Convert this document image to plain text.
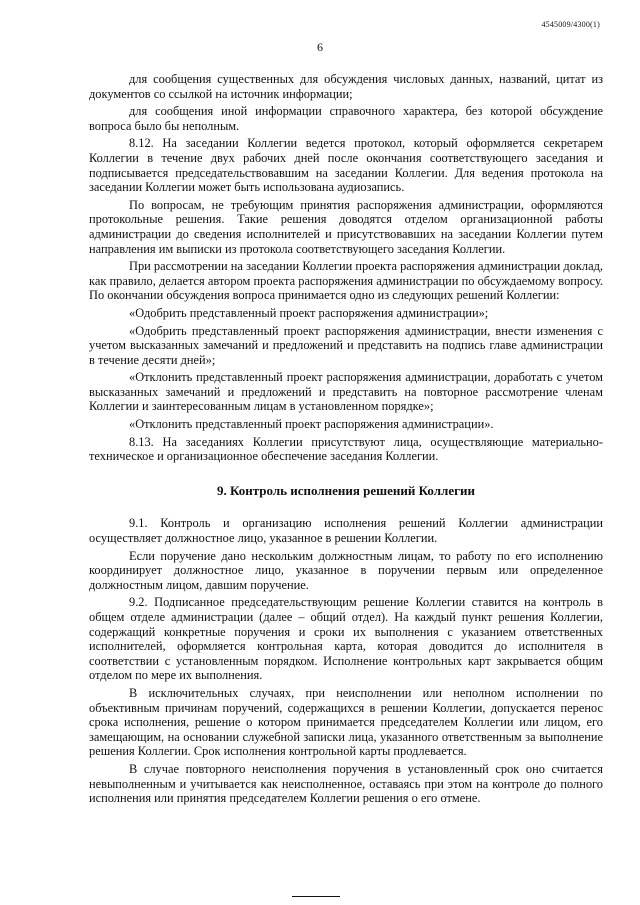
4545009/4300(1)
6

для сообщения существенных для обсуждения числовых данных, названий, цитат из документов со ссылкой на источник информации;

для сообщения иной информации справочного характера, без которой обсуждение вопроса было бы неполным.

8.12. На заседании Коллегии ведется протокол, который оформляется секретарем Коллегии в течение двух рабочих дней после окончания соответствующего заседания и подписывается председательствовавшим на заседании Коллегии. Для ведения протокола на заседании Коллегии может быть использована аудиозапись.

По вопросам, не требующим принятия распоряжения администрации, оформляются протокольные решения. Такие решения доводятся отделом организационной работы администрации до сведения исполнителей и присутствовавших на заседании Коллегии путем направления им выписки из протокола соответствующего заседания Коллегии.

При рассмотрении на заседании Коллегии проекта распоряжения администрации доклад, как правило, делается автором проекта распоряжения администрации по обсуждаемому вопросу. По окончании обсуждения вопроса принимается одно из следующих решений Коллегии:

«Одобрить представленный проект распоряжения администрации»;

«Одобрить представленный проект распоряжения администрации, внести изменения с учетом высказанных замечаний и предложений и представить на подпись главе администрации в течение десяти дней»;

«Отклонить представленный проект распоряжения администрации, доработать с учетом высказанных замечаний и предложений и представить на повторное рассмотрение членам Коллегии и заинтересованным лицам в установленном порядке»;

«Отклонить представленный проект распоряжения администрации».

8.13. На заседаниях Коллегии присутствуют лица, осуществляющие материально-техническое и организационное обеспечение заседания Коллегии.

9. Контроль исполнения решений Коллегии

9.1. Контроль и организацию исполнения решений Коллегии администрации осуществляет должностное лицо, указанное в решении Коллегии.

Если поручение дано нескольким должностным лицам, то работу по его исполнению координирует должностное лицо, указанное в поручении первым или определенное должностным лицом, давшим поручение.

9.2. Подписанное председательствующим решение Коллегии ставится на контроль в общем отделе администрации (далее – общий отдел). На каждый пункт решения Коллегии, содержащий конкретные поручения и сроки их выполнения с указанием ответственных исполнителей, оформляется контрольная карта, которая доводится до исполнителя в соответствии с установленным порядком. Исполнение контрольных карт закрывается общим отделом по мере их выполнения.

В исключительных случаях, при неисполнении или неполном исполнении по объективным причинам поручений, содержащихся в решении Коллегии, допускается перенос срока исполнения, решение о котором принимается председателем Коллегии или лицом, его замещающим, на основании служебной записки лица, указанного ответственным за выполнение решения Коллегии. Срок исполнения контрольной карты продлевается.

В случае повторного неисполнения поручения в установленный срок оно считается невыполненным и учитывается как неисполненное, оставаясь при этом на контроле до полного исполнения или принятия председателем Коллегии решения о его отмене.
